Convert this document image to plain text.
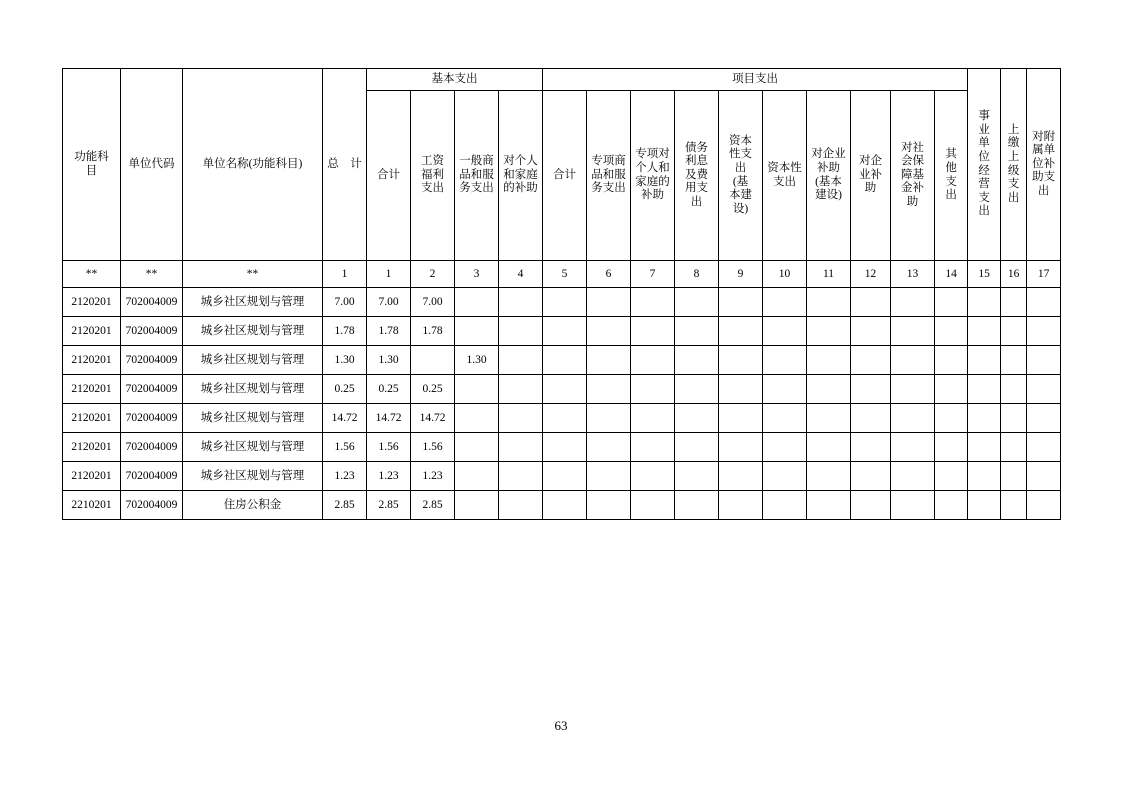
功能科目	单位代码	单位名称(功能科目)	总　计	基本支出				项目支出										事业单位经营支出	上缴上级支出	对附属单位补助支出

				合计	工资福利支出	一般商品和服务支出	对个人和家庭的补助	合计	专项商品和服务支出	专项对个人和家庭的补助	债务利息及费用支出	资本性支出(基本建设)	资本性支出	对企业补助(基本建设)	对企业补助	对社会保障基金补助	其他支出			

**	**	**	1	1	2	3	4	5	6	7	8	9	10	11	12	13	14	15	16	17
2120201	702004009	城乡社区规划与管理	7.00	7.00	7.00															
2120201	702004009	城乡社区规划与管理	1.78	1.78	1.78															
2120201	702004009	城乡社区规划与管理	1.30	1.30		1.30														
2120201	702004009	城乡社区规划与管理	0.25	0.25	0.25															
2120201	702004009	城乡社区规划与管理	14.72	14.72	14.72															
2120201	702004009	城乡社区规划与管理	1.56	1.56	1.56															
2120201	702004009	城乡社区规划与管理	1.23	1.23	1.23															
2210201	702004009	住房公积金	2.85	2.85	2.85															
63
